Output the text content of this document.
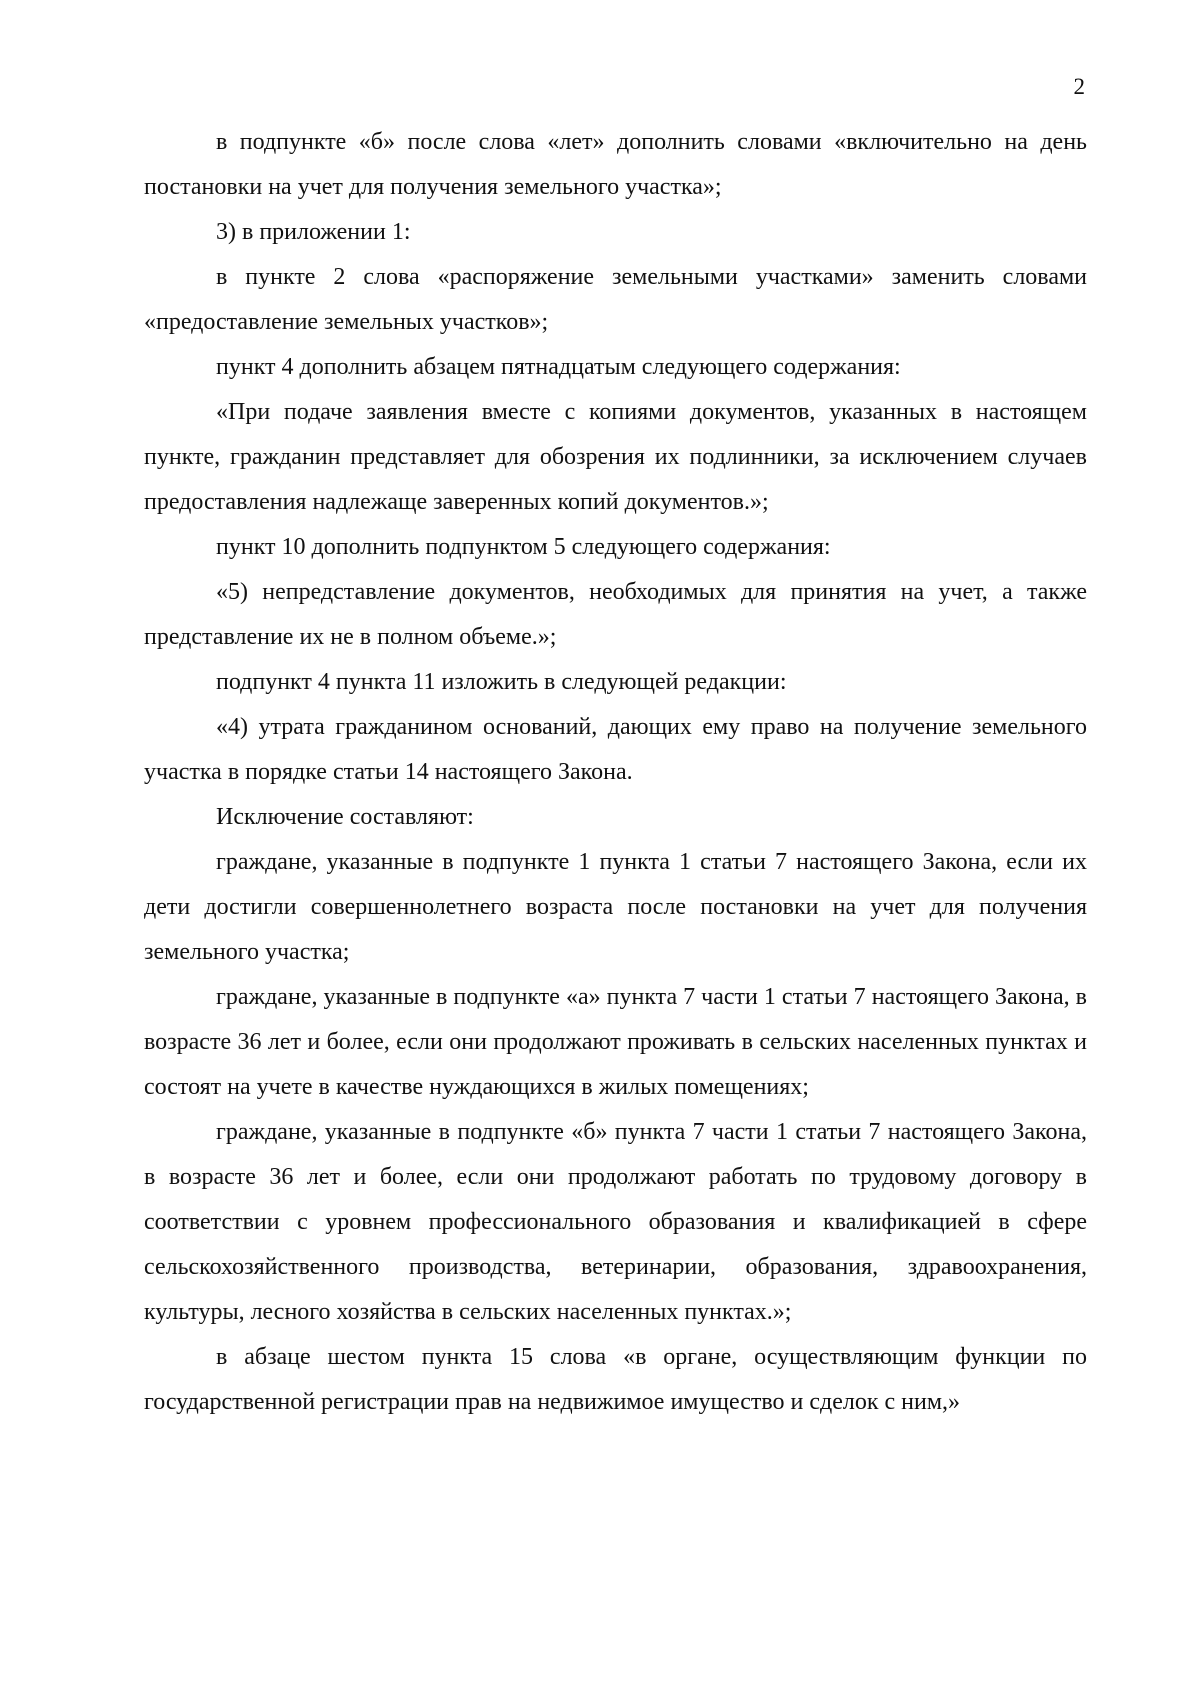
2

в подпункте «б» после слова «лет» дополнить словами «включительно на день постановки на учет для получения земельного участка»;

3) в приложении 1:

в пункте 2 слова «распоряжение земельными участками» заменить словами «предоставление земельных участков»;

пункт 4 дополнить абзацем пятнадцатым следующего содержания:

«При подаче заявления вместе с копиями документов, указанных в настоящем пункте, гражданин представляет для обозрения их подлинники, за исключением случаев предоставления надлежаще заверенных копий документов.»;

пункт 10 дополнить подпунктом 5 следующего содержания:

«5) непредставление документов, необходимых для принятия на учет, а также представление их не в полном объеме.»;

подпункт 4 пункта 11 изложить в следующей редакции:

«4) утрата гражданином оснований, дающих ему право на получение земельного участка в порядке статьи 14 настоящего Закона.

Исключение составляют:

граждане, указанные в подпункте 1 пункта 1 статьи 7 настоящего Закона, если их дети достигли совершеннолетнего возраста после постановки на учет для получения земельного участка;

граждане, указанные в подпункте «а» пункта 7 части 1 статьи 7 настоящего Закона, в возрасте 36 лет и более, если они продолжают проживать в сельских населенных пунктах и состоят на учете в качестве нуждающихся в жилых помещениях;

граждане, указанные в подпункте «б» пункта 7 части 1 статьи 7 настоящего Закона, в возрасте 36 лет и более, если они продолжают работать по трудовому договору в соответствии с уровнем профессионального образования и квалификацией в сфере сельскохозяйственного производства, ветеринарии, образования, здравоохранения, культуры, лесного хозяйства в сельских населенных пунктах.»;

в абзаце шестом пункта 15 слова «в органе, осуществляющим функции по государственной регистрации прав на недвижимое имущество и сделок с ним,»
